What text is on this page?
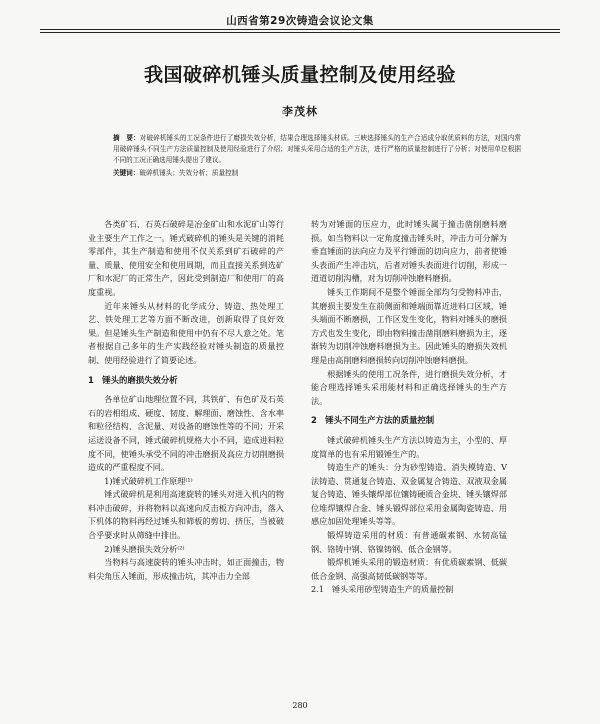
山西省第29次铸造会议论文集
我国破碎机锤头质量控制及使用经验
李茂林
摘　要：对破碎机锤头的工况条件进行了磨损失效分析，结果合理选择锤头材质。三峡选择锤头的生产合适成分取优质料的方法，对国内常用破碎锤头不同生产方法质量控制及使用经验进行了介绍；对锤头采用合适的生产方法，进行严格的质量控制进行了分析；对使用单位根据不同的工况正确选用锤头提出了建议。
关键词：破碎机锤头；失效分析；质量控制

各类矿石、石英石破碎是冶金矿山和水泥矿山等行业主要生产工作之一。锤式破碎机的锤头是关键的消耗零部件，其生产制造和使用不仅关系到矿石破碎的产量、质量、使用安全和使用周期，而且直接关系到选矿厂和水泥厂的正常生产，因此受到制造厂和使用厂的高度重视。

近年来锤头从材料的化学成分、铸造、热处理工艺、铁处理工艺等方面不断改进，创新取得了良好效果。但是锤头生产制造和使用中仍有不尽人意之处。笔者根据自己多年的生产实践经验对锤头制造的质量控制、使用经验进行了简要论述。

1　锤头的磨损失效分析

各单位矿山地理位置不同，其铁矿、有色矿及石英石的岩相组成、硬度、韧度、解理面、磨蚀性、含水率和粒径结构、含泥量、对设备的磨蚀性等的不同；开采运送设备不同，锤式破碎机规格大小不同，造成进料粒度不同，使锤头承受不同的冲击磨损及高应力切削磨损造成的严重程度不同。

1)锤式破碎机工作原理⁽¹⁾

锤式破碎机是利用高速旋转的锤头对进入机内的物料冲击破碎，并将物料以高速向反击板方向冲击，落入下机体的物料再经过锤头和筛板的剪切、挤压，当被破合乎要求时从筛缝中排出。

2)锤头磨损失效分析⁽²⁾

当物料与高速旋转的锤头冲击时，如正面撞击，物料尖角压入锤面，形成撞击坑，其冲击力全部

转为对锤面的压应力，此时锤头属于撞击凿削磨料磨损。如当物料以一定角度撞击锤头时，冲击力可分解为垂直锤面的法向应力及平行锤面的切向应力，前者使锤头表面产生冲击坑，后者对锤头表面进行切削，形成一道道切削沟槽，对为切削冲蚀磨料磨损。

锤头工作期间不是整个锤面全部均匀受物料冲击，其磨损主要发生在前侧面和锤端面靠近进料口区域，锤头端面不断磨损，工作区发生变化，物料对锤头的磨损方式也发生变化，即由物料撞击凿削磨料磨损为主，逐渐转为切削冲蚀磨料磨损为主。因此锤头的磨损失效机理是由高削磨料磨损转向切削冲蚀磨料磨损。

根据锤头的使用工况条件，进行磨损失效分析，才能合理选择锤头采用能材料和正确选择锤头的生产方法。

2　锤头不同生产方法的质量控制

锤式破碎机锤头生产方法以铸造为主，小型的、厚度简单的也有采用锻锤生产的。

铸造生产的锤头：分为砂型铸造、消失模铸造、V法铸造、贯通复合铸造、双金属复合铸造、双液双金属复合铸造、锤头镶焊部位镶铸硬质合金块、锤头镶焊部位堆焊镶焊合金、锤头锻焊部位采用金属陶瓷铸造、用感应加固处理锤头等等。

锻焊铸造采用的材质：有普通碳素钢、水韧高锰钢、铬铸中钢、铬镍铸钢、低合金钢等。

锻焊机锤头采用的锻造材质：有优质碳素钢、低碳低合金钢、高强高韧低碳钢等等。

2.1　锤头采用砂型铸造生产的质量控制

280
